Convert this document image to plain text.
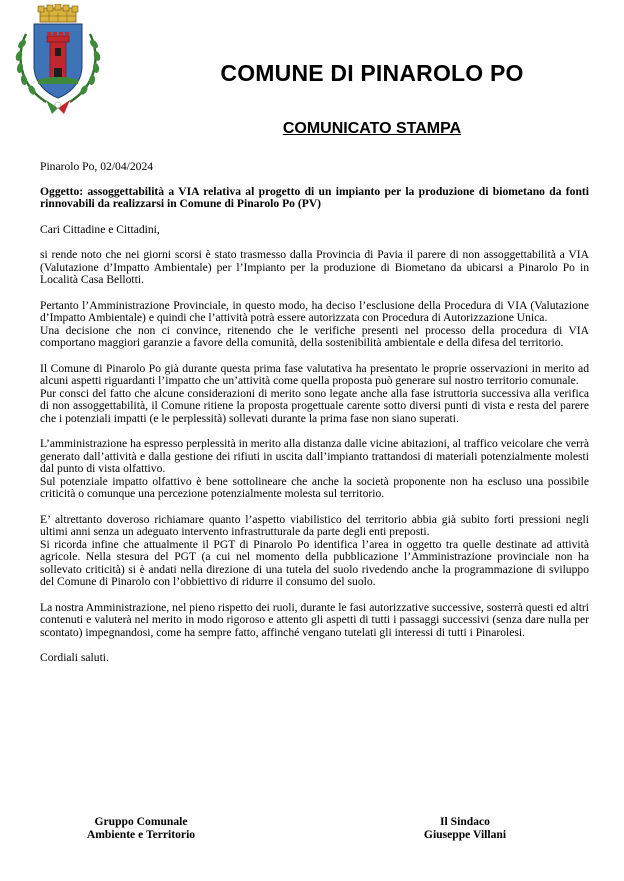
COMUNE DI PINAROLO PO
COMUNICATO STAMPA

Pinarolo Po, 02/04/2024

Oggetto: assoggettabilità a VIA relativa al progetto di un impianto per la produzione di biometano da fonti rinnovabili da realizzarsi in Comune di Pinarolo Po (PV)

Cari Cittadine e Cittadini,

si rende noto che nei giorni scorsi è stato trasmesso dalla Provincia di Pavia il parere di non assoggettabilità a VIA (Valutazione d’Impatto Ambientale) per l’Impianto per la produzione di Biometano da ubicarsi a Pinarolo Po in Località Casa Bellotti.

Pertanto l’Amministrazione Provinciale, in questo modo, ha deciso l’esclusione della Procedura di VIA (Valutazione d’Impatto Ambientale) e quindi che l’attività potrà essere autorizzata con Procedura di Autorizzazione Unica.

Una decisione che non ci convince, ritenendo che le verifiche presenti nel processo della procedura di VIA comportano maggiori garanzie a favore della comunità, della sostenibilità ambientale e della difesa del territorio.

Il Comune di Pinarolo Po già durante questa prima fase valutativa ha presentato le proprie osservazioni in merito ad alcuni aspetti riguardanti l’impatto che un’attività come quella proposta può generare sul nostro territorio comunale.

Pur consci del fatto che alcune considerazioni di merito sono legate anche alla fase istruttoria successiva alla verifica di non assoggettabilità, il Comune ritiene la proposta progettuale carente sotto diversi punti di vista e resta del parere che i potenziali impatti (e le perplessità) sollevati durante la prima fase non siano superati.

L’amministrazione ha espresso perplessità in merito alla distanza dalle vicine abitazioni, al traffico veicolare che verrà generato dall’attività e dalla gestione dei rifiuti in uscita dall’impianto trattandosi di materiali potenzialmente molesti dal punto di vista olfattivo.

Sul potenziale impatto olfattivo è bene sottolineare che anche la società proponente non ha escluso una possibile criticità o comunque una percezione potenzialmente molesta sul territorio.

E’ altrettanto doveroso richiamare quanto l’aspetto viabilistico del territorio abbia già subito forti pressioni negli ultimi anni senza un adeguato intervento infrastrutturale da parte degli enti preposti.

Si ricorda infine che attualmente il PGT di Pinarolo Po identifica l’area in oggetto tra quelle destinate ad attività agricole. Nella stesura del PGT (a cui nel momento della pubblicazione l’Amministrazione provinciale non ha sollevato criticità) si è andati nella direzione di una tutela del suolo rivedendo anche la programmazione di sviluppo del Comune di Pinarolo con l’obbiettivo di ridurre il consumo del suolo.

La nostra Amministrazione, nel pieno rispetto dei ruoli, durante le fasi autorizzative successive, sosterrà questi ed altri contenuti e valuterà nel merito in modo rigoroso e attento gli aspetti di tutti i passaggi successivi (senza dare nulla per scontato) impegnandosi, come ha sempre fatto, affinché vengano tutelati gli interessi di tutti i Pinarolesi.

Cordiali saluti.

Gruppo Comunale
Ambiente e Territorio
Il Sindaco
Giuseppe Villani
